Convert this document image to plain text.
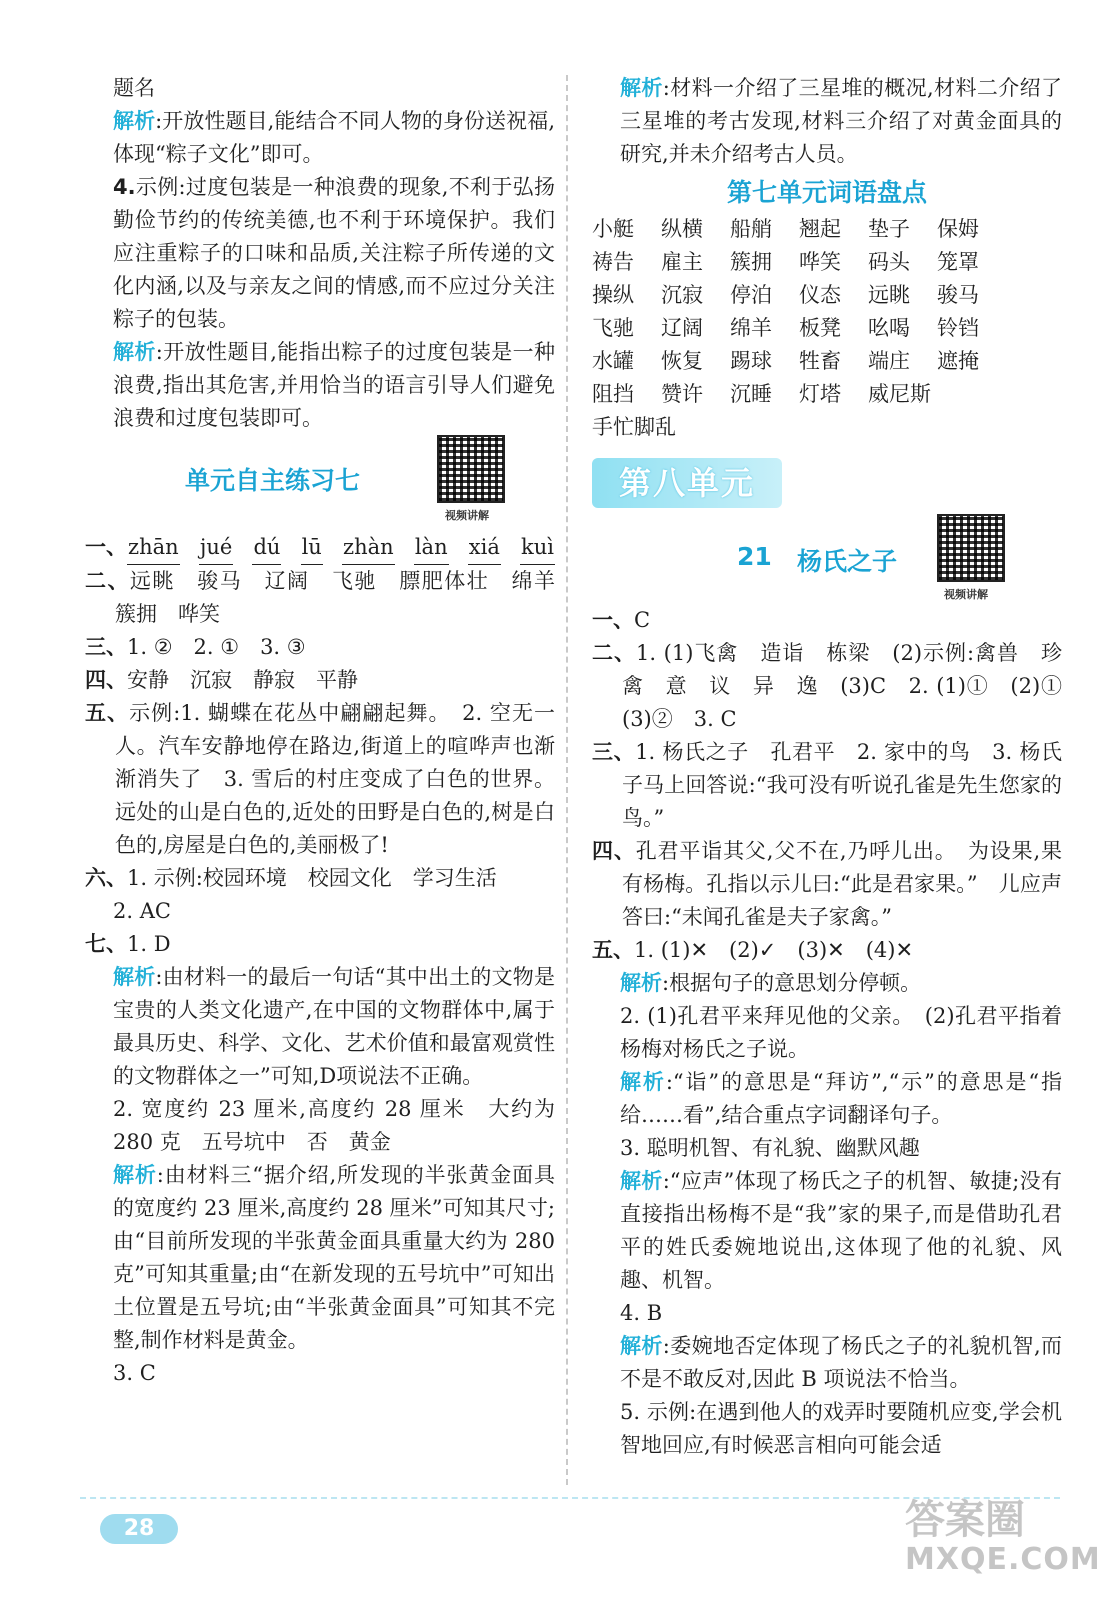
题名

解析:开放性题目,能结合不同人物的身份送祝福,体现“粽子文化”即可。

4.示例:过度包装是一种浪费的现象,不利于弘扬勤俭节约的传统美德,也不利于环境保护。我们应注重粽子的口味和品质,关注粽子所传递的文化内涵,以及与亲友之间的情感,而不应过分关注粽子的包装。

解析:开放性题目,能指出粽子的过度包装是一种浪费,指出其危害,并用恰当的语言引导人们避免浪费和过度包装即可。

单元自主练习七
视频讲解
一、 zhān jué dú lū zhàn làn xiá kuì

二、远眺　骏马　辽阔　飞驰　膘肥体壮　绵羊　簇拥　哗笑

三、1. ②　2. ①　3. ③

四、安静　沉寂　静寂　平静

五、示例:1. 蝴蝶在花丛中翩翩起舞。　2. 空无一人。汽车安静地停在路边,街道上的喧哗声也渐渐消失了　3. 雪后的村庄变成了白色的世界。远处的山是白色的,近处的田野是白色的,树是白色的,房屋是白色的,美丽极了!

六、1. 示例:校园环境　校园文化　学习生活

2. AC

七、1. D

解析:由材料一的最后一句话“其中出土的文物是宝贵的人类文化遗产,在中国的文物群体中,属于最具历史、科学、文化、艺术价值和最富观赏性的文物群体之一”可知,D项说法不正确。

2. 宽度约 23 厘米,高度约 28 厘米　大约为 280 克　五号坑中　否　黄金

解析:由材料三“据介绍,所发现的半张黄金面具的宽度约 23 厘米,高度约 28 厘米”可知其尺寸;由“目前所发现的半张黄金面具重量大约为 280 克”可知其重量;由“在新发现的五号坑中”可知出土位置是五号坑;由“半张黄金面具”可知其不完整,制作材料是黄金。

3. C

解析:材料一介绍了三星堆的概况,材料二介绍了三星堆的考古发现,材料三介绍了对黄金面具的研究,并未介绍考古人员。

第七单元词语盘点
小艇	纵横	船艄	翘起	垫子	保姆
祷告	雇主	簇拥	哗笑	码头	笼罩
操纵	沉寂	停泊	仪态	远眺	骏马
飞驰	辽阔	绵羊	板凳	吆喝	铃铛
水罐	恢复	踢球	牲畜	端庄	遮掩
阻挡	赞许	沉睡	灯塔	威尼斯

手忙脚乱

第八单元
21 杨氏之子
视频讲解

一、C

二、1. (1)飞禽　造诣　栋梁　(2)示例:禽兽　珍禽　意　议　异　逸　(3)C　2. (1)①　(2)①　(3)②　3. C

三、1. 杨氏之子　孔君平　2. 家中的鸟　3. 杨氏子马上回答说:“我可没有听说孔雀是先生您家的鸟。”

四、孔君平诣其父,父不在,乃呼儿出。　为设果,果有杨梅。孔指以示儿曰:“此是君家果。”　儿应声答曰:“未闻孔雀是夫子家禽。”

五、1. (1)✕　(2)✓　(3)✕　(4)✕

解析:根据句子的意思划分停顿。

2. (1)孔君平来拜见他的父亲。　(2)孔君平指着杨梅对杨氏之子说。

解析:“诣”的意思是“拜访”,“示”的意思是“指给……看”,结合重点字词翻译句子。

3. 聪明机智、有礼貌、幽默风趣

解析:“应声”体现了杨氏之子的机智、敏捷;没有直接指出杨梅不是“我”家的果子,而是借助孔君平的姓氏委婉地说出,这体现了他的礼貌、风趣、机智。

4. B

解析:委婉地否定体现了杨氏之子的礼貌机智,而不是不敢反对,因此 B 项说法不恰当。

5. 示例:在遇到他人的戏弄时要随机应变,学会机智地回应,有时候恶言相向可能会适

28	答案圈
MXQE.COM
